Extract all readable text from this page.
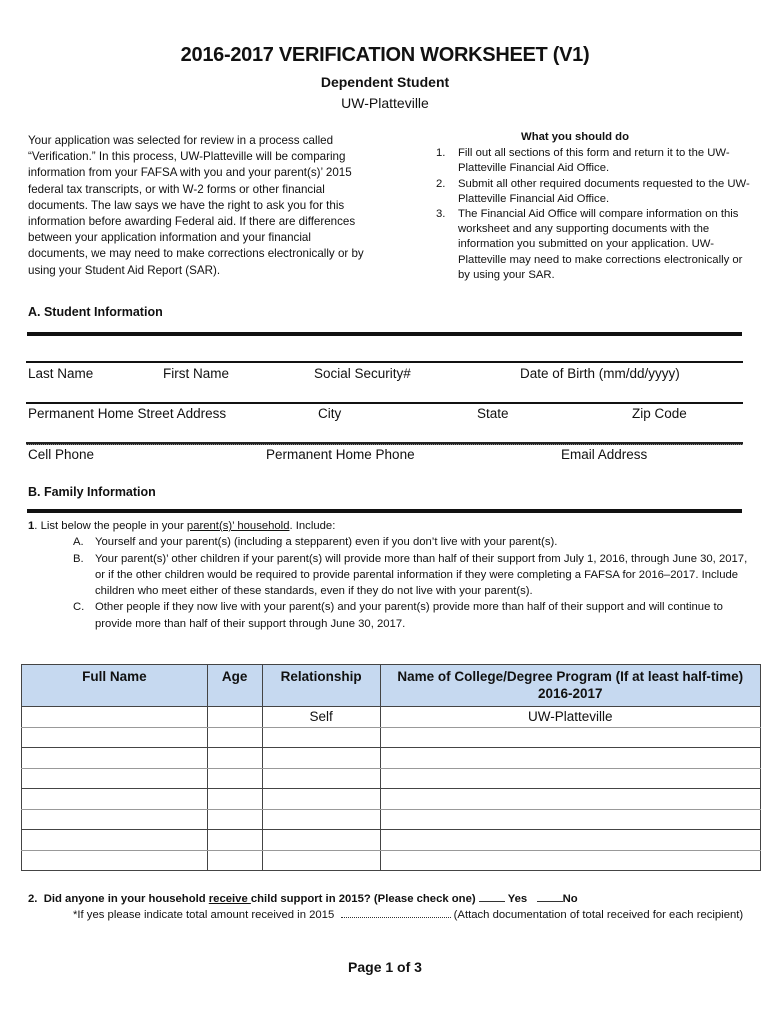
2016-2017 VERIFICATION WORKSHEET (V1)
Dependent Student
UW-Platteville
Your application was selected for review in a process called “Verification.” In this process, UW-Platteville will be comparing information from your FAFSA with you and your parent(s)’ 2015 federal tax transcripts, or with W-2 forms or other financial documents. The law says we have the right to ask you for this information before awarding Federal aid. If there are differences between your application information and your financial documents, we may need to make corrections electronically or by using your Student Aid Report (SAR).
What you should do
1. Fill out all sections of this form and return it to the UW-Platteville Financial Aid Office.
2. Submit all other required documents requested to the UW-Platteville Financial Aid Office.
3. The Financial Aid Office will compare information on this worksheet and any supporting documents with the information you submitted on your application. UW-Platteville may need to make corrections electronically or by using your SAR.
A. Student Information
Last Name	First Name	Social Security#	Date of Birth (mm/dd/yyyy)
Permanent Home Street Address	City	State	Zip Code
Cell Phone	Permanent Home Phone	Email Address
B. Family Information
1. List below the people in your parent(s)’ household. Include:
A. Yourself and your parent(s) (including a stepparent) even if you don’t live with your parent(s).
B. Your parent(s)’ other children if your parent(s) will provide more than half of their support from July 1, 2016, through June 30, 2017, or if the other children would be required to provide parental information if they were completing a FAFSA for 2016–2017. Include children who meet either of these standards, even if they do not live with your parent(s).
C. Other people if they now live with your parent(s) and your parent(s) provide more than half of their support and will continue to provide more than half of their support through June 30, 2017.
Full Name	Age	Relationship	Name of College/Degree Program (If at least half-time)
2016-2017
		Self	UW-Platteville

2. Did anyone in your household receive child support in 2015? (Please check one)	Yes	No
*If yes please indicate total amount received in 2015	(Attach documentation of total received for each recipient)
Page 1 of 3
